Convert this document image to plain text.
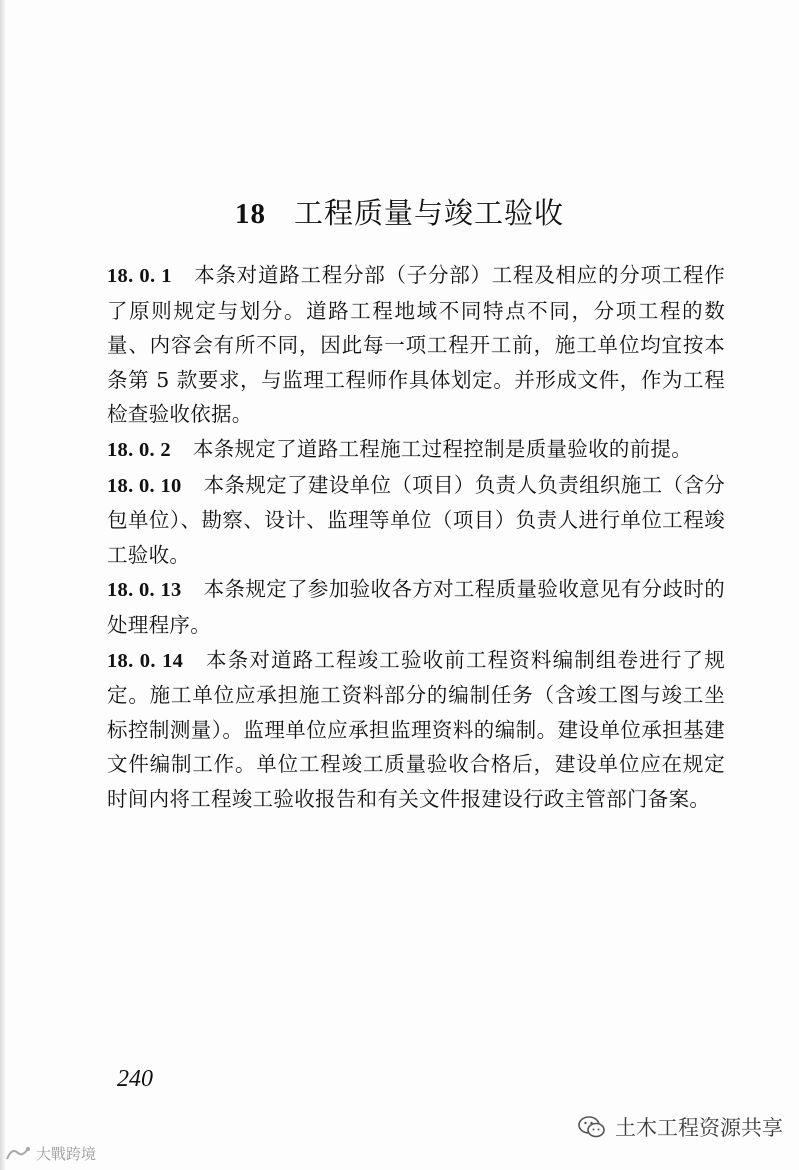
18 工程质量与竣工验收

18. 0. 1 本条对道路工程分部（子分部）工程及相应的分项工程作了原则规定与划分。道路工程地域不同特点不同，分项工程的数量、内容会有所不同，因此每一项工程开工前，施工单位均宜按本条第 5 款要求，与监理工程师作具体划定。并形成文件，作为工程检查验收依据。

18. 0. 2 本条规定了道路工程施工过程控制是质量验收的前提。

18. 0. 10 本条规定了建设单位（项目）负责人负责组织施工（含分包单位）、勘察、设计、监理等单位（项目）负责人进行单位工程竣工验收。

18. 0. 13 本条规定了参加验收各方对工程质量验收意见有分歧时的处理程序。

18. 0. 14 本条对道路工程竣工验收前工程资料编制组卷进行了规定。施工单位应承担施工资料部分的编制任务（含竣工图与竣工坐标控制测量）。监理单位应承担监理资料的编制。建设单位承担基建文件编制工作。单位工程竣工质量验收合格后，建设单位应在规定时间内将工程竣工验收报告和有关文件报建设行政主管部门备案。

240
大戰跨境
土木工程资源共享
